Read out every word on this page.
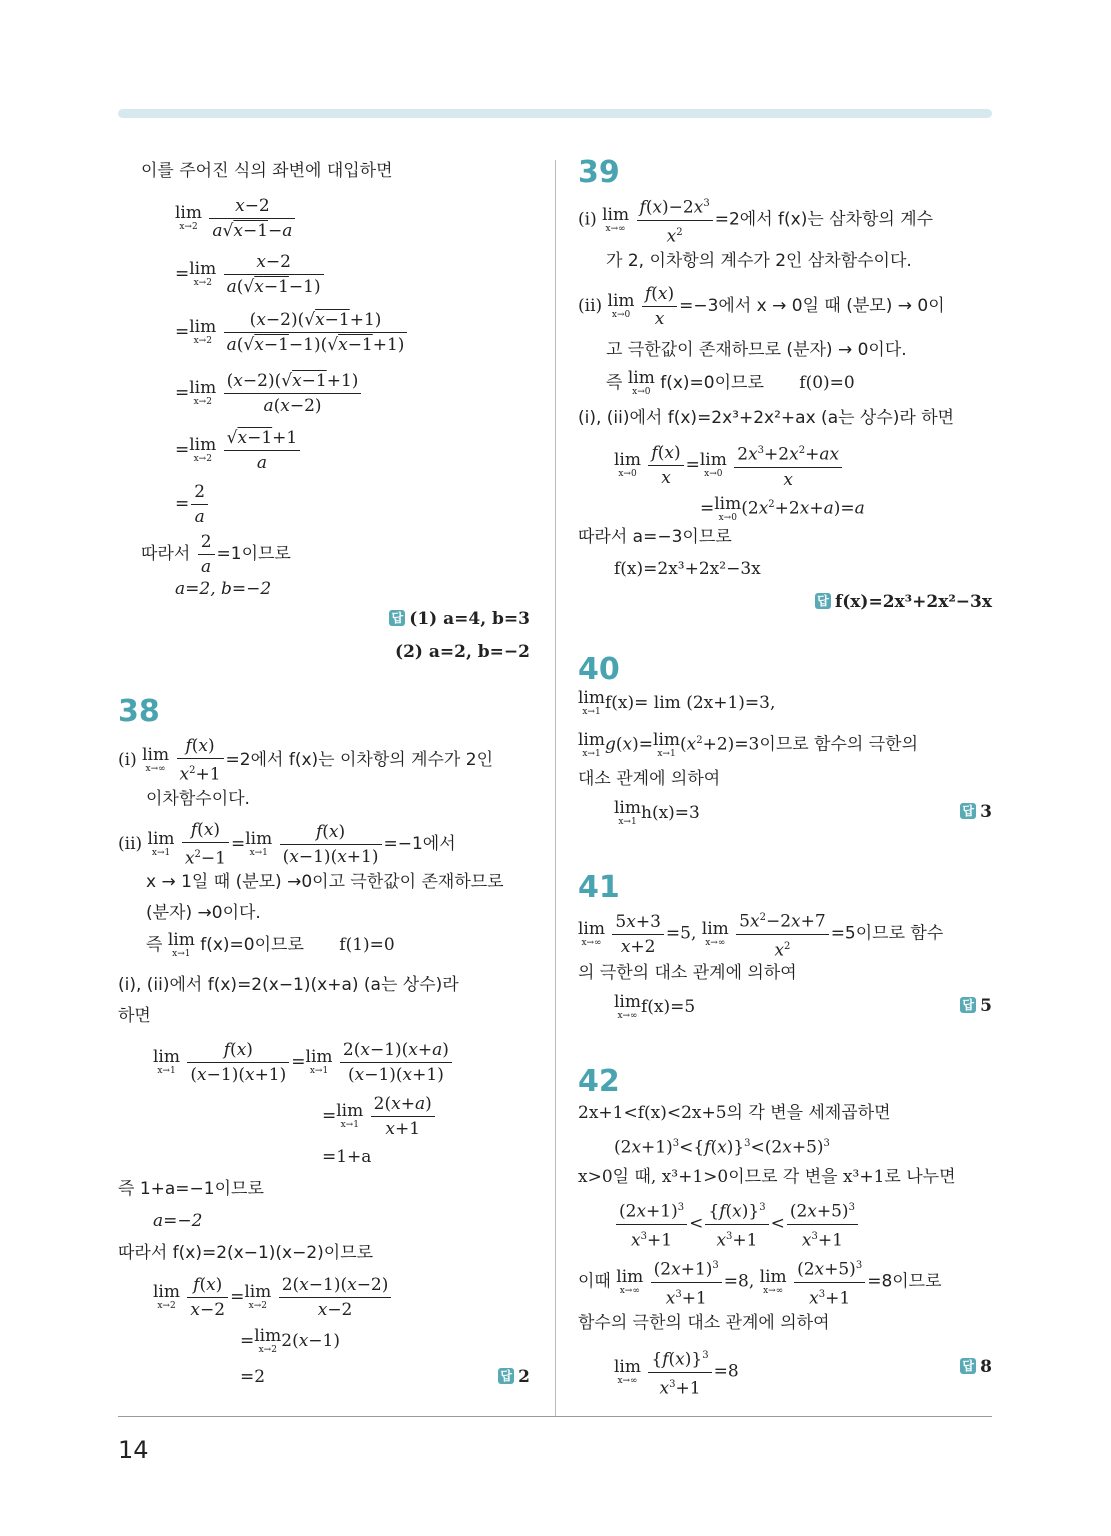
이를 주어진 식의 좌변에 대입하면
lim
x→2
$\frac{x-2}{a√x-1-a}$
= lim
x→2
$\frac{x-2}{a(√x-1-1)}$
= lim
x→2
$\frac{(x-2)(√x-1+1)}{a(√x-1-1)(√x-1+1)}$
= lim
x→2
$\frac{(x-2)(√x-1+1)}{a(x-2)}$
= lim
x→2
$\frac{√x-1+1}{a}$
= $\frac{2}{a}$
따라서 $\frac{2}{a} =1$이므로
a=2, b=−2
답 (1) a=4, b=3
(2) a=2, b=−2
38
(i) lim
x→∞
$\frac{f(x)}{x^2+1} =2$에서 f(x)는 이차항의 계수가 2인
이차함수이다.
(ii) lim
x→1
$\frac{f(x)}{x^2-1} = \lim$
x→1
$\frac{f(x)}{(x-1)(x+1)} =-1$에서
x → 1일 때 (분모) →0이고 극한값이 존재하므로
(분자) →0이다.
즉 lim
x→1 f(x)=0이므로 f(1)=0
(i), (ii)에서 f(x)=2(x−1)(x+a) (a는 상수)라
하면
lim
x→1
$\frac{f(x)}{(x-1)(x+1)} = \lim$
x→1
$\frac{2(x-1)(x+a)}{(x-1)(x+1)}$
= lim
x→1
$\frac{2(x+a)}{x+1}$
=1+a
즉 1+a=−1이므로
a=−2
따라서 f(x)=2(x−1)(x−2)이므로
lim
x→2
$\frac{f(x)}{x-2} = \lim$
x→2
$\frac{2(x-1)(x-2)}{x-2}$
= lim
x→2 2(x−1)
=2	답 2
39
(i) lim
x→∞
$\frac{f(x)-2x^3}{x^2} =2$에서 f(x)는 삼차항의 계수
가 2, 이차항의 계수가 2인 삼차함수이다.
(ii) lim
x→0
$\frac{f(x)}{x} =-3$에서 x → 0일 때 (분모) → 0이
고 극한값이 존재하므로 (분자) → 0이다.
즉 lim
x→0 f(x)=0이므로 f(0)=0
(i), (ii)에서 f(x)=2x³+2x²+ax (a는 상수)라 하면
lim
x→0
$\frac{f(x)}{x} = \lim$
x→0
$\frac{2x^3+2x^2+ax}{x}$
= lim
x→0 $(2x^2+2x+a)=a$
따라서 a=−3이므로
f(x)=2x³+2x²−3x
답 f(x)=2x³+2x²−3x
40
lim
x→1 f(x)= lim (2x+1)=3,
lim
x→1 g(x)= lim
x→1 $(x^2+2)=3$이므로 함수의 극한의
대소 관계에 의하여
lim
x→1 h(x)=3	답 3
41
lim
x→∞
$\frac{5x+3}{x+2} =5$, lim
x→∞
$\frac{5x^2-2x+7}{x^2} =5$이므로 함수
의 극한의 대소 관계에 의하여
lim
x→∞ f(x)=5	답 5
42
2x+1<f(x)<2x+5의 각 변을 세제곱하면
$(2x+1)^3<\{f(x)\}^3<(2x+5)^3$
x>0일 때, x³+1>0이므로 각 변을 x³+1로 나누면
$\frac{(2x+1)^3}{x^3+1} < \frac{\{f(x)\}^3}{x^3+1} < \frac{(2x+5)^3}{x^3+1}$
이때 lim
x→∞
$\frac{(2x+1)^3}{x^3+1} =8$, lim
x→∞
$\frac{(2x+5)^3}{x^3+1} =8$이므로
함수의 극한의 대소 관계에 의하여
lim
x→∞
$\frac{\{f(x)\}^3}{x^3+1} =8$	답 8
14
